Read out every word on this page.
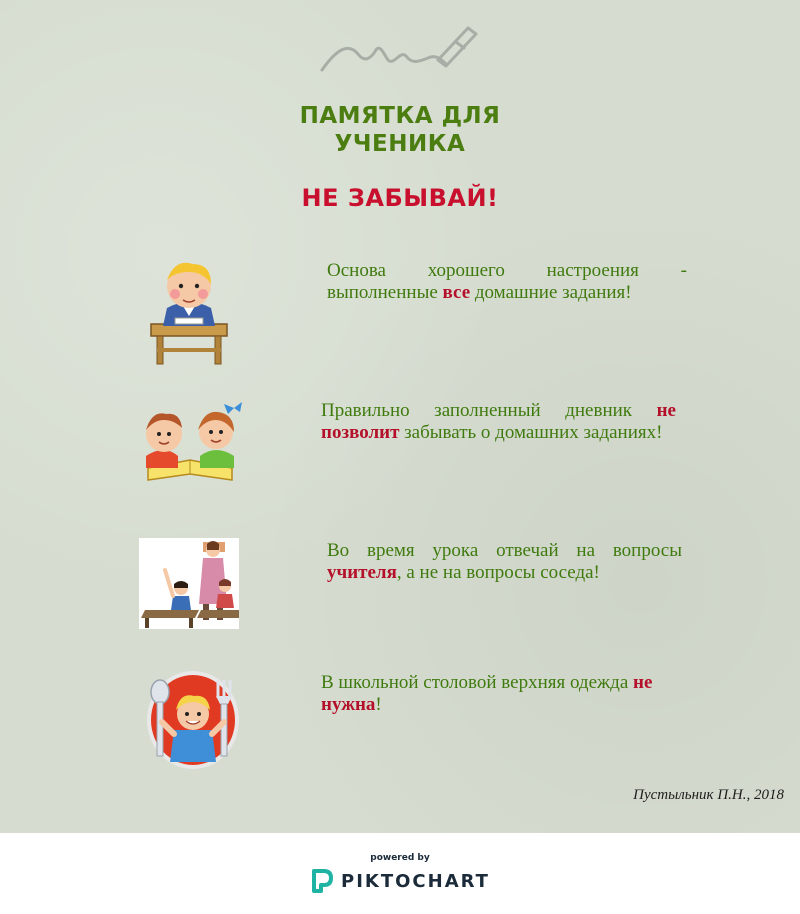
ПАМЯТКА ДЛЯ
УЧЕНИКА
НЕ ЗАБЫВАЙ!

Основа хорошего настроения - выполненные все домашние задания!

Правильно заполненный дневник не позволит забывать о домашних заданиях!

Во время урока отвечай на вопросы учителя, а не на вопросы соседа!

В школьной столовой верхняя одежда не нужна!

Пустыльник П.Н., 2018

powered by
PIKTOCHART
